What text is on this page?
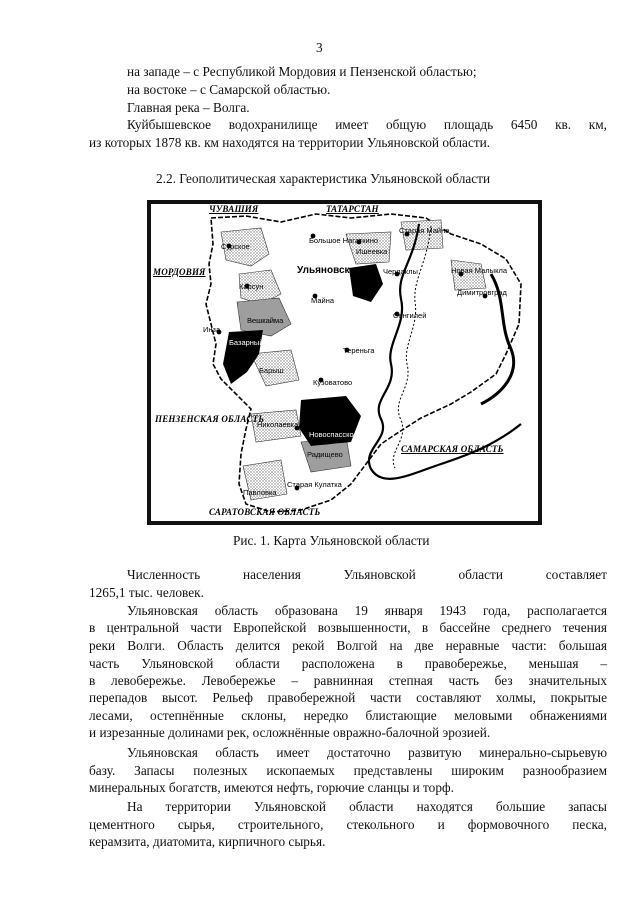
3
на западе – с Республикой Мордовия и Пензенской областью;
на востоке – с Самарской областью.
Главная река – Волга.
Куйбышевское водохранилище имеет общую площадь 6450 кв. км,
из которых 1878 кв. км находятся на территории Ульяновской области.
2.2. Геополитическая характеристика Ульяновской области
ЧУВАШИЯ	ТАТАРСТАН
МОРДОВИЯ
ПЕНЗЕНСКАЯ ОБЛАСТЬ
САМАРСКАЯ ОБЛАСТЬ
САРАТОВСКАЯ ОБЛАСТЬ
Ульяновск
Сурское
Большое Нагаткино
Старая Майна
Ишеевка
Чердаклы	Новая Малыкла
Димитровград
Карсун
Майна
Вешкайма
Сенгилей
Инза
Базарный Сызган
Тереньга
Барыш
Кузоватово
Николаевка
Новоспасское
Радищево
Старая Кулатка
Павловка
Рис. 1. Карта Ульяновской области
Численность	населения	Ульяновской	области	составляет
1265,1 тыс. человек.
Ульяновская область образована 19 января 1943 года, располагается
в центральной части Европейской возвышенности, в бассейне среднего течения
реки Волги. Область делится рекой Волгой на две неравные части: большая
часть Ульяновской области расположена в правобережье, меньшая –
в левобережье. Левобережье – равнинная степная часть без значительных
перепадов высот. Рельеф правобережной части составляют холмы, покрытые
лесами, остепнённые склоны, нередко блистающие меловыми обнажениями
и изрезанные долинами рек, осложнённые овражно-балочной эрозией.
Ульяновская область имеет достаточно развитую минерально-сырьевую
базу. Запасы полезных ископаемых представлены широким разнообразием
минеральных богатств, имеются нефть, горючие сланцы и торф.
На территории Ульяновской области находятся большие запасы
цементного сырья, строительного, стекольного и формовочного песка,
керамзита, диатомита, кирпичного сырья.
